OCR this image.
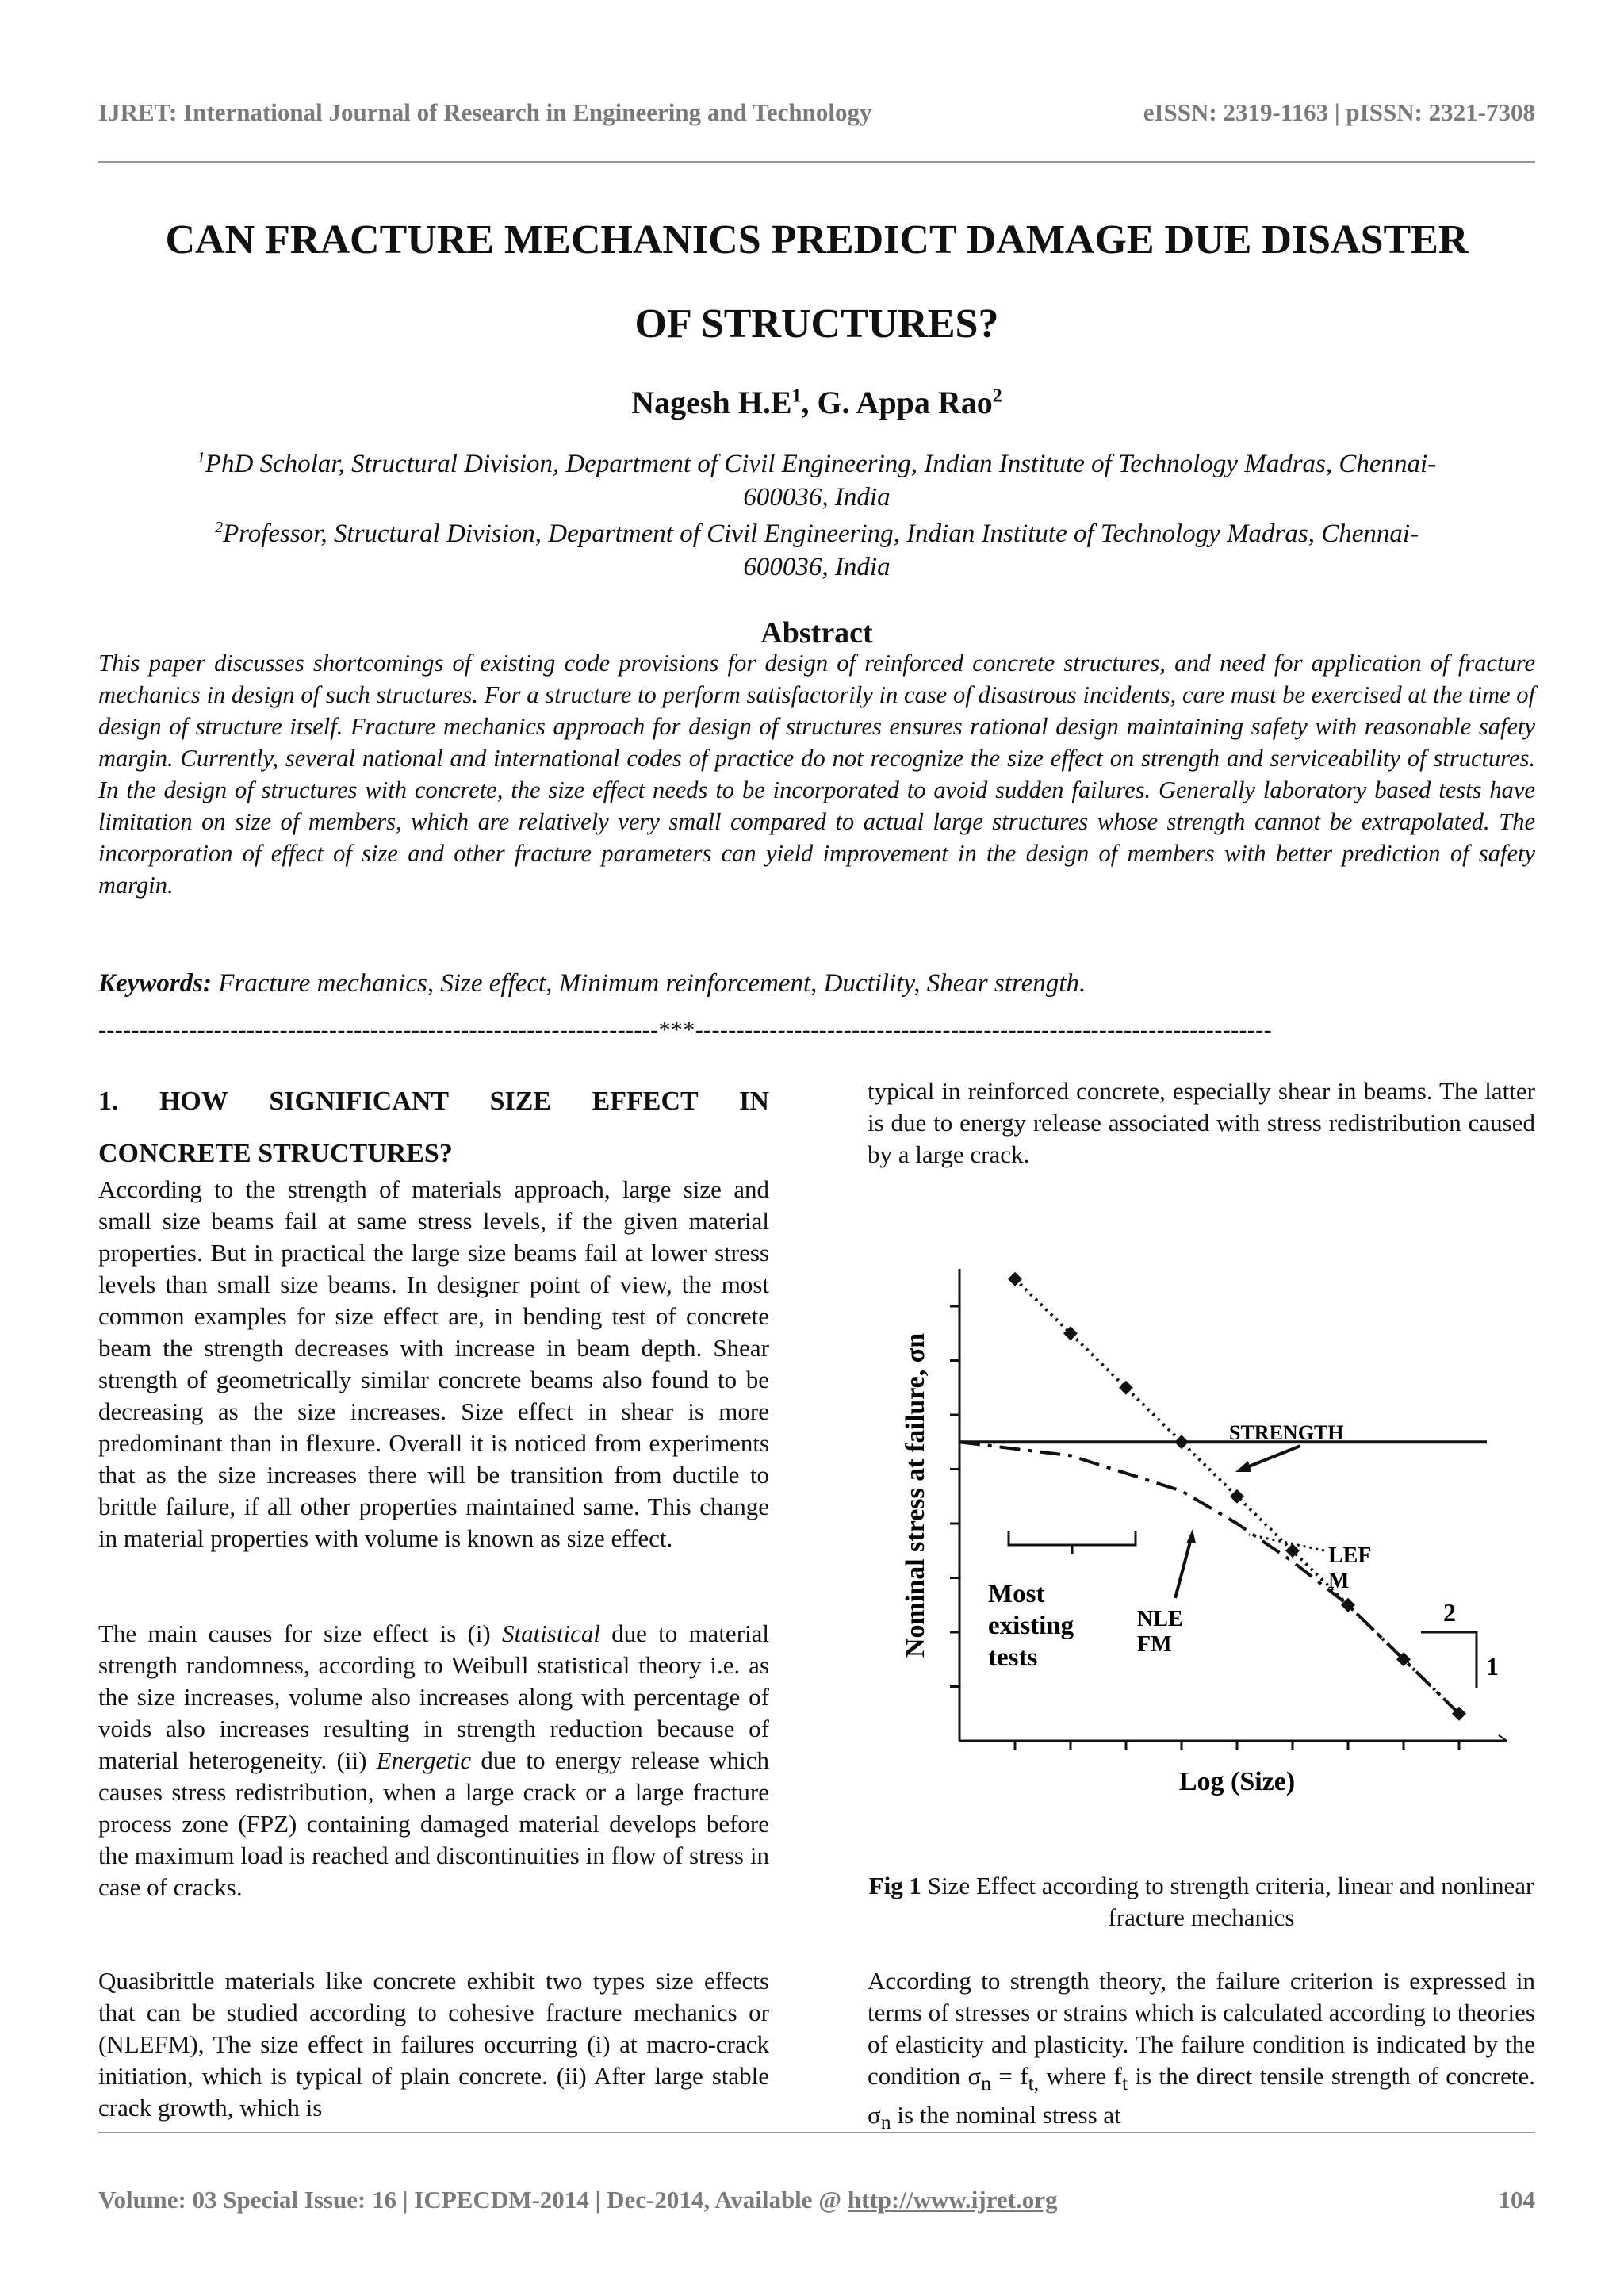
IJRET: International Journal of Research in Engineering and Technology	eISSN: 2319-1163 | pISSN: 2321-7308
CAN FRACTURE MECHANICS PREDICT DAMAGE DUE DISASTER
OF STRUCTURES?
Nagesh $H.E^1$, G. Appa Rao$^2$
$^1$PhD Scholar, Structural Division, Department of Civil Engineering, Indian Institute of Technology Madras, Chennai-
600036, India
$^2$Professor, Structural Division, Department of Civil Engineering, Indian Institute of Technology Madras, Chennai-
600036, India
Abstract
This paper discusses shortcomings of existing code provisions for design of reinforced concrete structures, and need for application of fracture mechanics in design of such structures. For a structure to perform satisfactorily in case of disastrous incidents, care must be exercised at the time of design of structure itself. Fracture mechanics approach for design of structures ensures rational design maintaining safety with reasonable safety margin. Currently, several national and international codes of practice do not recognize the size effect on strength and serviceability of structures. In the design of structures with concrete, the size effect needs to be incorporated to avoid sudden failures. Generally laboratory based tests have limitation on size of members, which are relatively very small compared to actual large structures whose strength cannot be extrapolated. The incorporation of effect of size and other fracture parameters can yield improvement in the design of members with better prediction of safety margin.
Keywords: Fracture mechanics, Size effect, Minimum reinforcement, Ductility, Shear strength.
--------------------------------------------------------------------***----------------------------------------------------------------------
1. HOW SIGNIFICANT SIZE EFFECT IN
CONCRETE STRUCTURES?

According to the strength of materials approach, large size and small size beams fail at same stress levels, if the given material properties. But in practical the large size beams fail at lower stress levels than small size beams. In designer point of view, the most common examples for size effect are, in bending test of concrete beam the strength decreases with increase in beam depth. Shear strength of geometrically similar concrete beams also found to be decreasing as the size increases. Size effect in shear is more predominant than in flexure. Overall it is noticed from experiments that as the size increases there will be transition from ductile to brittle failure, if all other properties maintained same. This change in material properties with volume is known as size effect.

The main causes for size effect is (i) Statistical due to material strength randomness, according to Weibull statistical theory i.e. as the size increases, volume also increases along with percentage of voids also increases resulting in strength reduction because of material heterogeneity. (ii) Energetic due to energy release which causes stress redistribution, when a large crack or a large fracture process zone (FPZ) containing damaged material develops before the maximum load is reached and discontinuities in flow of stress in case of cracks.

Quasibrittle materials like concrete exhibit two types size effects that can be studied according to cohesive fracture mechanics or (NLEFM), The size effect in failures occurring (i) at macro-crack initiation, which is typical of plain concrete. (ii) After large stable crack growth, which is

typical in reinforced concrete, especially shear in beams. The latter is due to energy release associated with stress redistribution caused by a large crack.

Nominal stress at failure, σn
Log (Size)
STRENGTH
LEF
M
NLE
FM
Most
existing
tests
2
1
Fig 1 Size Effect according to strength criteria, linear and nonlinear fracture mechanics

According to strength theory, the failure criterion is expressed in terms of stresses or strains which is calculated according to theories of elasticity and plasticity. The failure condition is indicated by the condition $\sigma_n = f_{t,}$ where $f_t$ is the direct tensile strength of concrete. $\sigma_n$ is the nominal stress at

Volume: 03 Special Issue: 16 | ICPECDM-2014 | Dec-2014, Available @ http://www.ijret.org	104
